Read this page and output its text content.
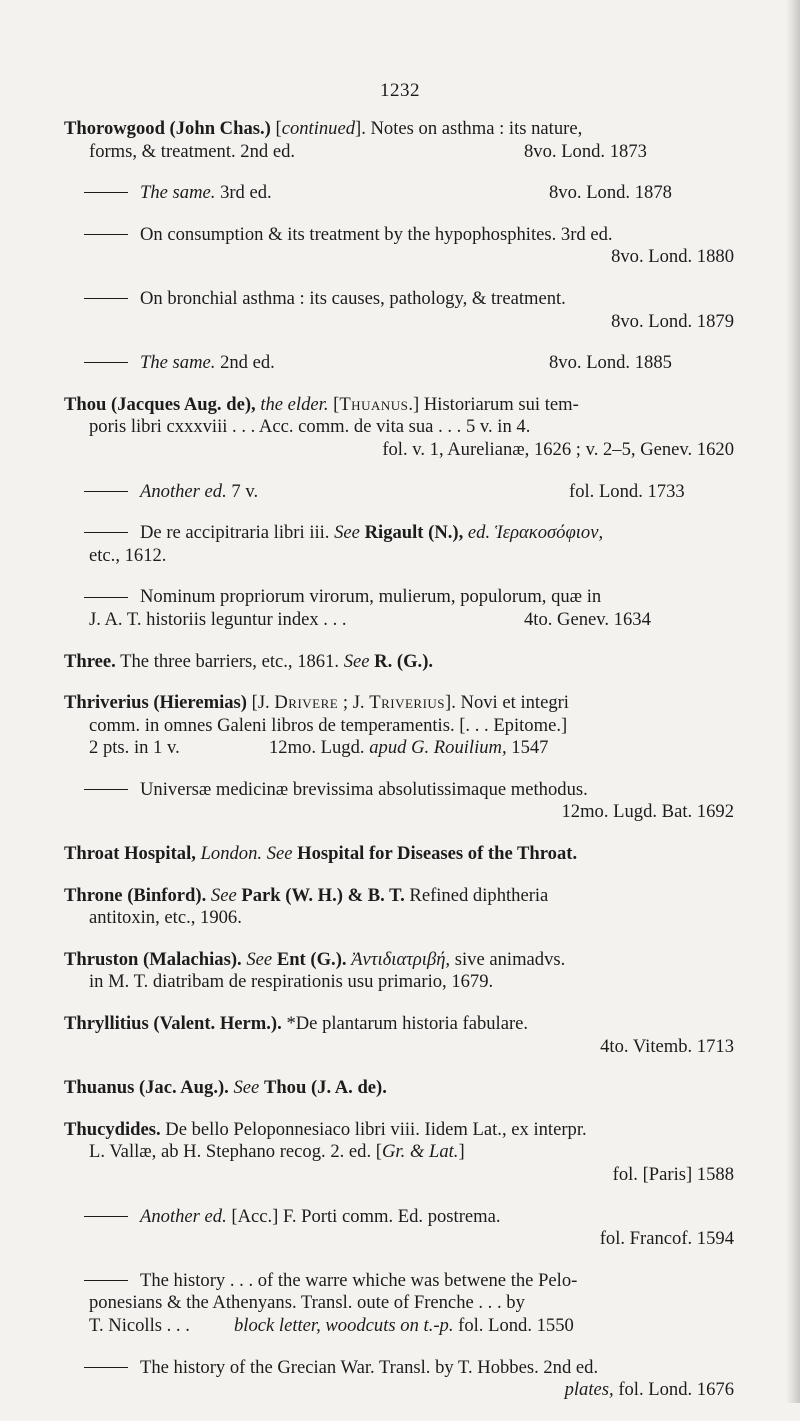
1232
Thorowgood (John Chas.) [continued]. Notes on asthma : its nature,
forms, & treatment. 2nd ed.	8vo. Lond. 1873
The same. 3rd ed.	8vo. Lond. 1878
On consumption & its treatment by the hypophosphites. 3rd ed.
8vo. Lond. 1880
On bronchial asthma : its causes, pathology, & treatment.
8vo. Lond. 1879
The same. 2nd ed.	8vo. Lond. 1885
Thou (Jacques Aug. de), the elder. [Thuanus.] Historiarum sui tem-
poris libri cxxxviii . . . Acc. comm. de vita sua . . . 5 v. in 4.
fol. v. 1, Aurelianæ, 1626 ; v. 2–5, Genev. 1620
Another ed. 7 v.	fol. Lond. 1733
De re accipitraria libri iii. See Rigault (N.), ed. Ἱερακοσόφιον,
etc., 1612.
Nominum propriorum virorum, mulierum, populorum, quæ in
J. A. T. historiis leguntur index . . .	4to. Genev. 1634
Three. The three barriers, etc., 1861. See R. (G.).
Thriverius (Hieremias) [J. Drivere ; J. Triverius]. Novi et integri
comm. in omnes Galeni libros de temperamentis. [. . . Epitome.]
2 pts. in 1 v.	12mo. Lugd. apud G. Rouilium, 1547
Universæ medicinæ brevissima absolutissimaque methodus.
12mo. Lugd. Bat. 1692
Throat Hospital, London. See Hospital for Diseases of the Throat.
Throne (Binford). See Park (W. H.) & B. T. Refined diphtheria
antitoxin, etc., 1906.
Thruston (Malachias). See Ent (G.). Ἀντιδιατριβή, sive animadvs.
in M. T. diatribam de respirationis usu primario, 1679.
Thryllitius (Valent. Herm.). *De plantarum historia fabulare.
4to. Vitemb. 1713
Thuanus (Jac. Aug.). See Thou (J. A. de).
Thucydides. De bello Peloponnesiaco libri viii. Iidem Lat., ex interpr.
L. Vallæ, ab H. Stephano recog. 2. ed. [Gr. & Lat.]
fol. [Paris] 1588
Another ed. [Acc.] F. Porti comm. Ed. postrema.
fol. Francof. 1594
The history . . . of the warre whiche was betwene the Pelo-
ponesians & the Athenyans. Transl. oute of Frenche . . . by
T. Nicolls . . . block letter, woodcuts on t.-p. fol. Lond. 1550
The history of the Grecian War. Transl. by T. Hobbes. 2nd ed.
plates, fol. Lond. 1676
